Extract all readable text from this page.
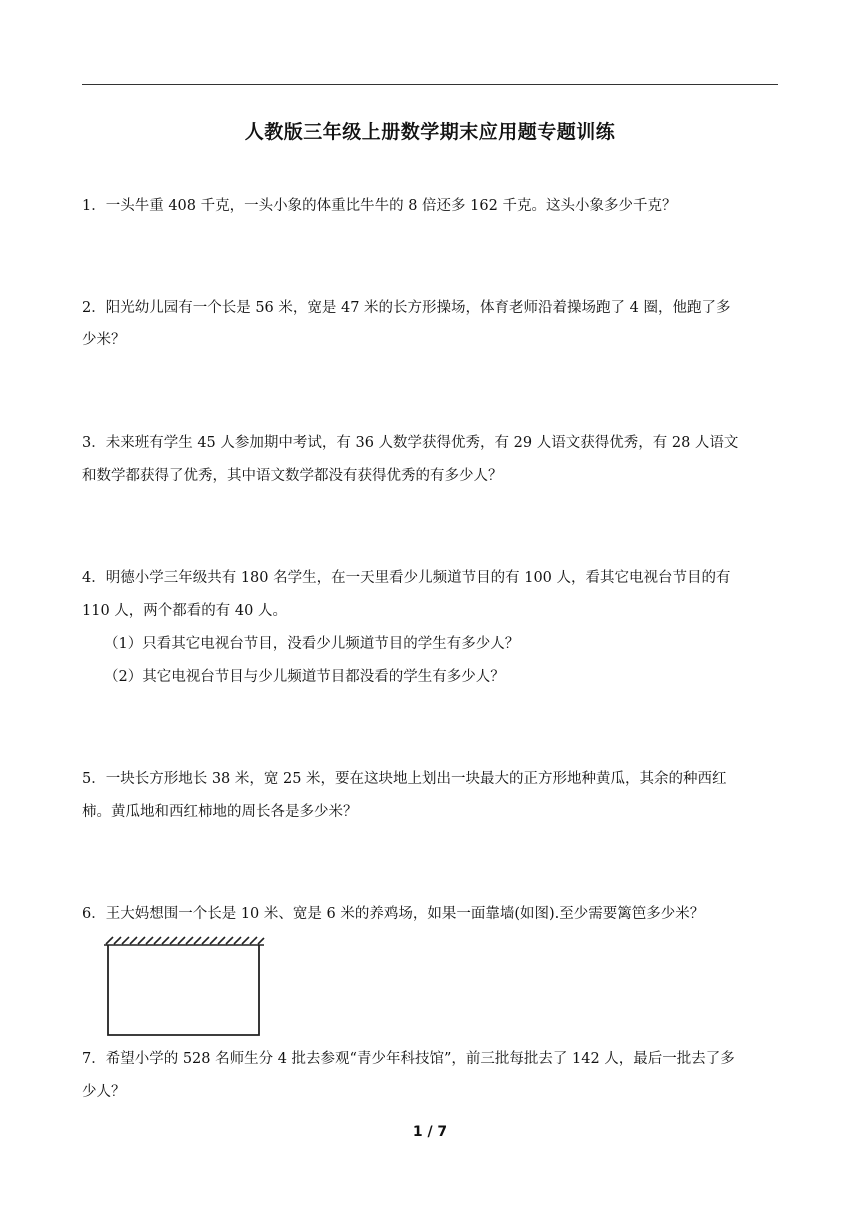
人教版三年级上册数学期末应用题专题训练
1．一头牛重 408 千克，一头小象的体重比牛牛的 8 倍还多 162 千克。这头小象多少千克？
2．阳光幼儿园有一个长是 56 米，宽是 47 米的长方形操场，体育老师沿着操场跑了 4 圈，他跑了多
少米？
3．未来班有学生 45 人参加期中考试，有 36 人数学获得优秀，有 29 人语文获得优秀，有 28 人语文
和数学都获得了优秀，其中语文数学都没有获得优秀的有多少人？
4．明德小学三年级共有 180 名学生，在一天里看少儿频道节目的有 100 人，看其它电视台节目的有
110 人，两个都看的有 40 人。
（1）只看其它电视台节目，没看少儿频道节目的学生有多少人？
（2）其它电视台节目与少儿频道节目都没看的学生有多少人？
5．一块长方形地长 38 米，宽 25 米，要在这块地上划出一块最大的正方形地种黄瓜，其余的种西红
柿。黄瓜地和西红柿地的周长各是多少米？
6．王大妈想围一个长是 10 米、宽是 6 米的养鸡场，如果一面靠墙(如图).至少需要篱笆多少米？
7．希望小学的 528 名师生分 4 批去参观“青少年科技馆”，前三批每批去了 142 人，最后一批去了多
少人？
1 / 7
